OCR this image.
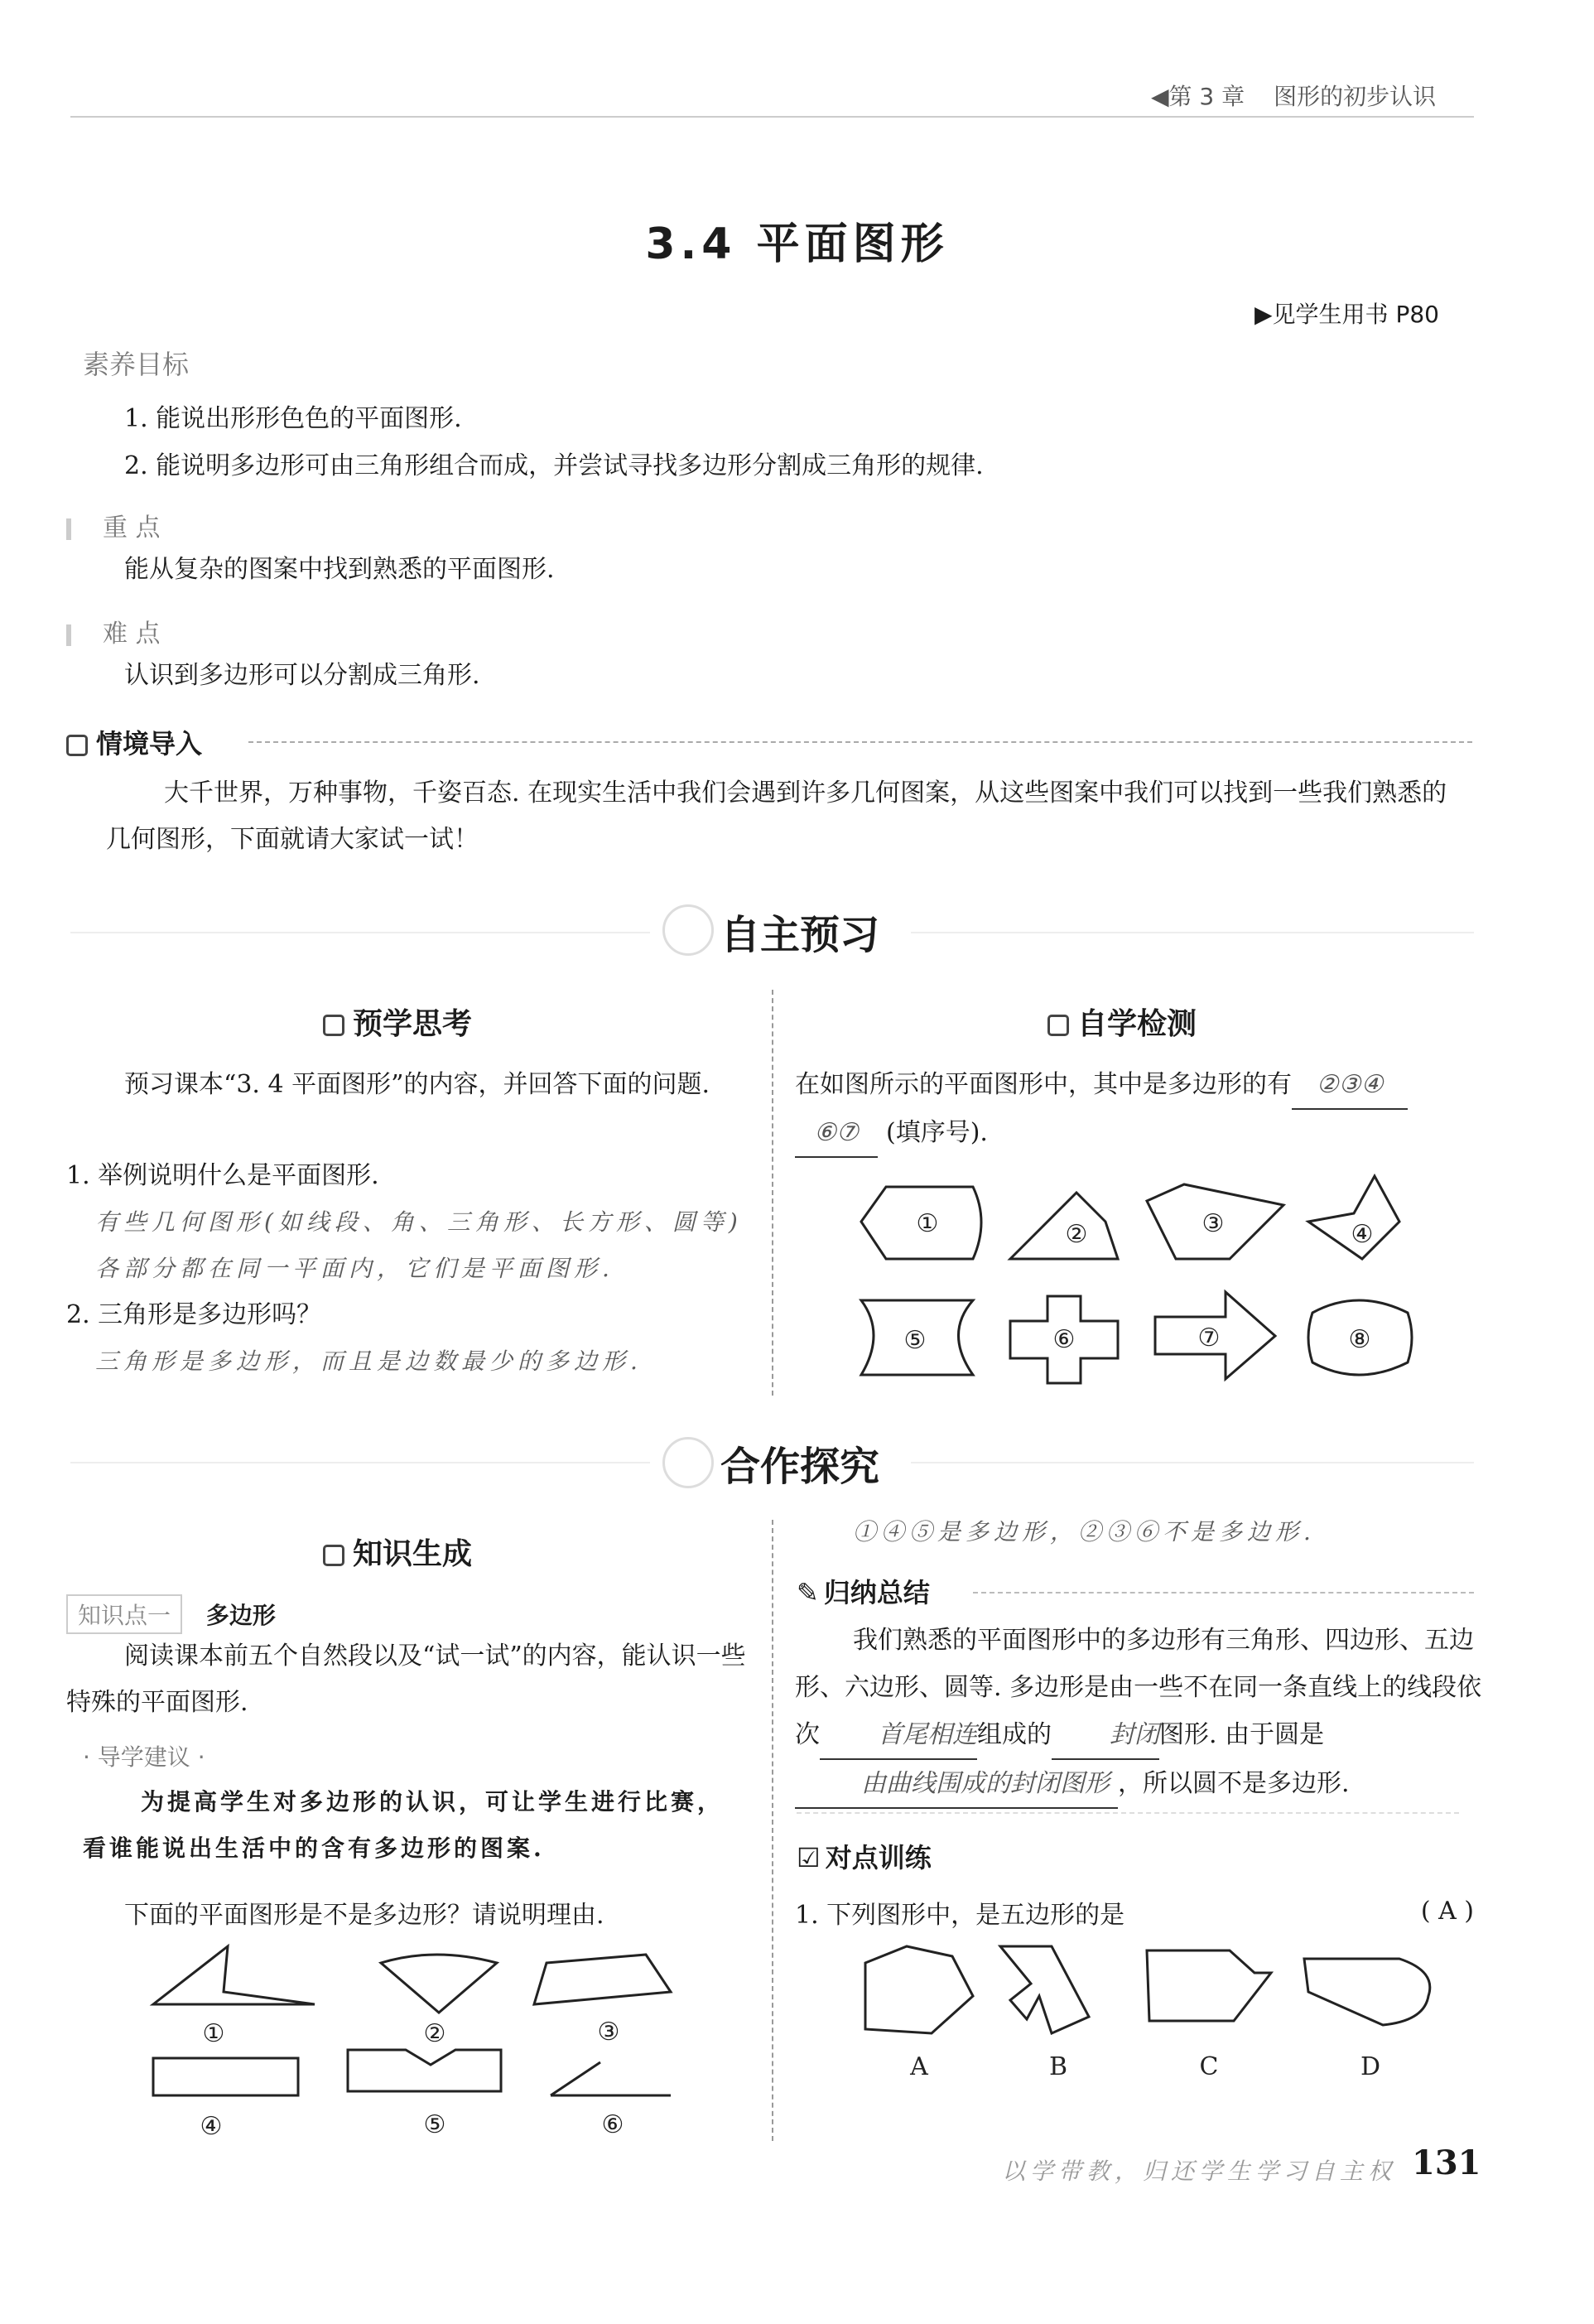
◀第 3 章 图形的初步认识
3.4 平面图形
▶见学生用书 P80
素养目标
1. 能说出形形色色的平面图形.
2. 能说明多边形可由三角形组合而成，并尝试寻找多边形分割成三角形的规律.
重 点
能从复杂的图案中找到熟悉的平面图形.
难 点
认识到多边形可以分割成三角形.
情境导入
大千世界，万种事物，千姿百态. 在现实生活中我们会遇到许多几何图案，从这些图案中我们可以找到一些我们熟悉的几何图形，下面就请大家试一试！
自主预习
预学思考
预习课本“3. 4 平面图形”的内容，并回答下面的问题.
1. 举例说明什么是平面图形.
有些几何图形(如线段、角、三角形、长方形、圆等)各部分都在同一平面内，它们是平面图形.
2. 三角形是多边形吗？
三角形是多边形，而且是边数最少的多边形.
自学检测
在如图所示的平面图形中，其中是多边形的有 ②③④
⑥⑦ (填序号).
①	②	③	④
⑤	⑥	⑦	⑧
合作探究
知识生成
知识点一 多边形
阅读课本前五个自然段以及“试一试”的内容，能认识一些特殊的平面图形.
· 导学建议 ·
为提高学生对多边形的认识，可让学生进行比赛，看谁能说出生活中的含有多边形的图案.
下面的平面图形是不是多边形？请说明理由.
①	②	③
④	⑤	⑥
①④⑤是多边形，②③⑥不是多边形.
✎ 归纳总结
我们熟悉的平面图形中的多边形有三角形、四边形、五边形、六边形、圆等. 多边形是由一些不在同一条直线上的线段依次 首尾相连组成的 封闭图形. 由于圆是由曲线围成的封闭图形 ，所以圆不是多边形.
☑ 对点训练
1. 下列图形中，是五边形的是	( A )
A	B	C	D
以学带教，归还学生学习自主权 131
